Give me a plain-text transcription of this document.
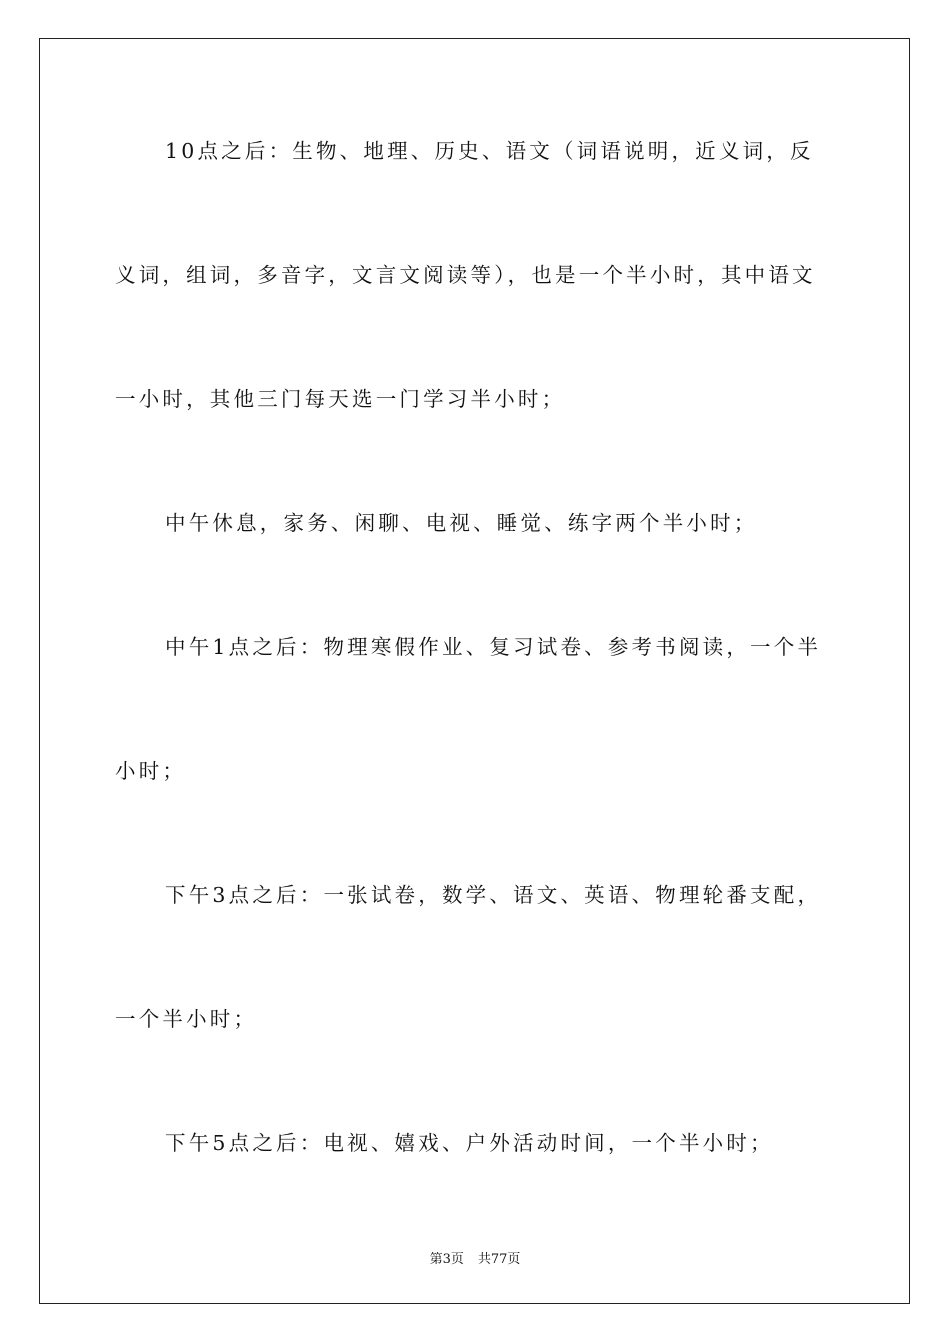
10点之后：生物、地理、历史、语文（词语说明，近义词，反

义词，组词，多音字，文言文阅读等），也是一个半小时，其中语文

一小时，其他三门每天选一门学习半小时；

中午休息，家务、闲聊、电视、睡觉、练字两个半小时；

中午1点之后：物理寒假作业、复习试卷、参考书阅读，一个半

小时；

下午3点之后：一张试卷，数学、语文、英语、物理轮番支配，

一个半小时；

下午5点之后：电视、嬉戏、户外活动时间，一个半小时；

第3页 共77页
